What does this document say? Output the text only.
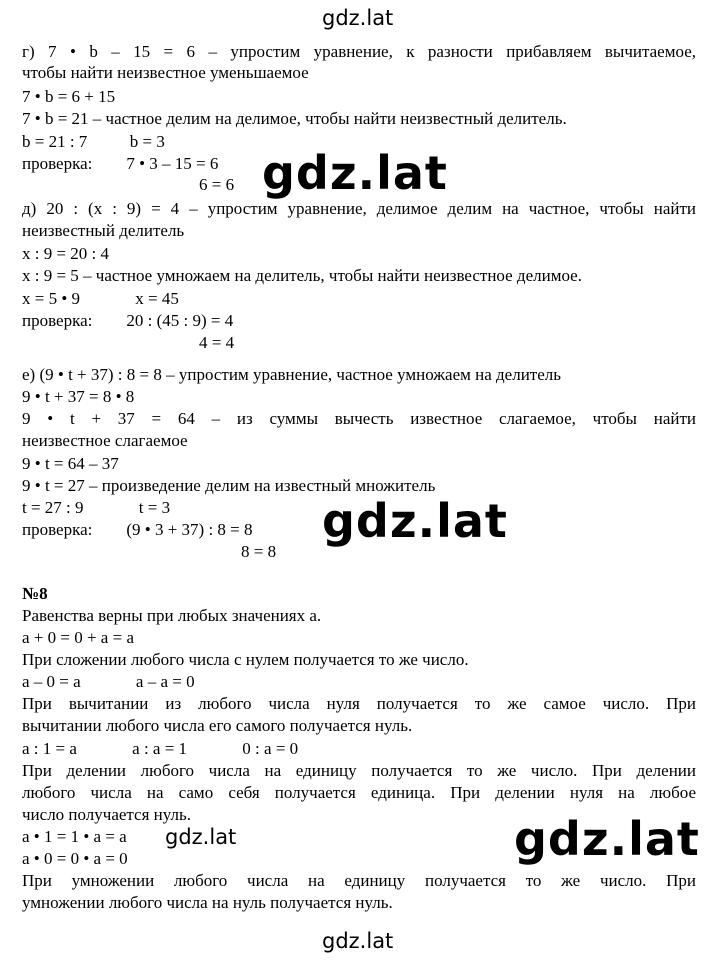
gdz.lat
г) 7 • b – 15 = 6 – упростим уравнение, к разности прибавляем вычитаемое,
чтобы найти неизвестное уменьшаемое
7 • b = 6 + 15
7 • b = 21 – частное делим на делимое, чтобы найти неизвестный делитель.
b = 21 : 7          b = 3
проверка:        7 • 3 – 15 = 6
6 = 6 gdz.lat
д) 20 : (x : 9) = 4 – упростим уравнение, делимое делим на частное, чтобы найти
неизвестный делитель
x : 9 = 20 : 4
x : 9 = 5 – частное умножаем на делитель, чтобы найти неизвестное делимое.
x = 5 • 9             x = 45
проверка:        20 : (45 : 9) = 4
4 = 4
е) (9 • t + 37) : 8 = 8 – упростим уравнение, частное умножаем на делитель
9 • t + 37 = 8 • 8
9 • t + 37 = 64 – из суммы вычесть известное слагаемое, чтобы найти
неизвестное слагаемое
9 • t = 64 – 37
9 • t = 27 – произведение делим на известный множитель
t = 27 : 9             t = 3
проверка:        (9 • 3 + 37) : 8 = 8
8 = 8
gdz.lat
№8
Равенства верны при любых значениях a.
a + 0 = 0 + a = a
При сложении любого числа с нулем получается то же число.
a – 0 = a             a – a = 0
При вычитании из любого числа нуля получается то же самое число. При
вычитании любого числа его самого получается нуль.
a : 1 = a             a : a = 1             0 : a = 0
При делении любого числа на единицу получается то же число. При делении
любого числа на само себя получается единица. При делении нуля на любое
число получается нуль.
a • 1 = 1 • a = a
a • 0 = 0 • a = 0
При умножении любого числа на единицу получается то же число. При
умножении любого числа на нуль получается нуль.
gdz.lat	gdz.lat
gdz.lat
